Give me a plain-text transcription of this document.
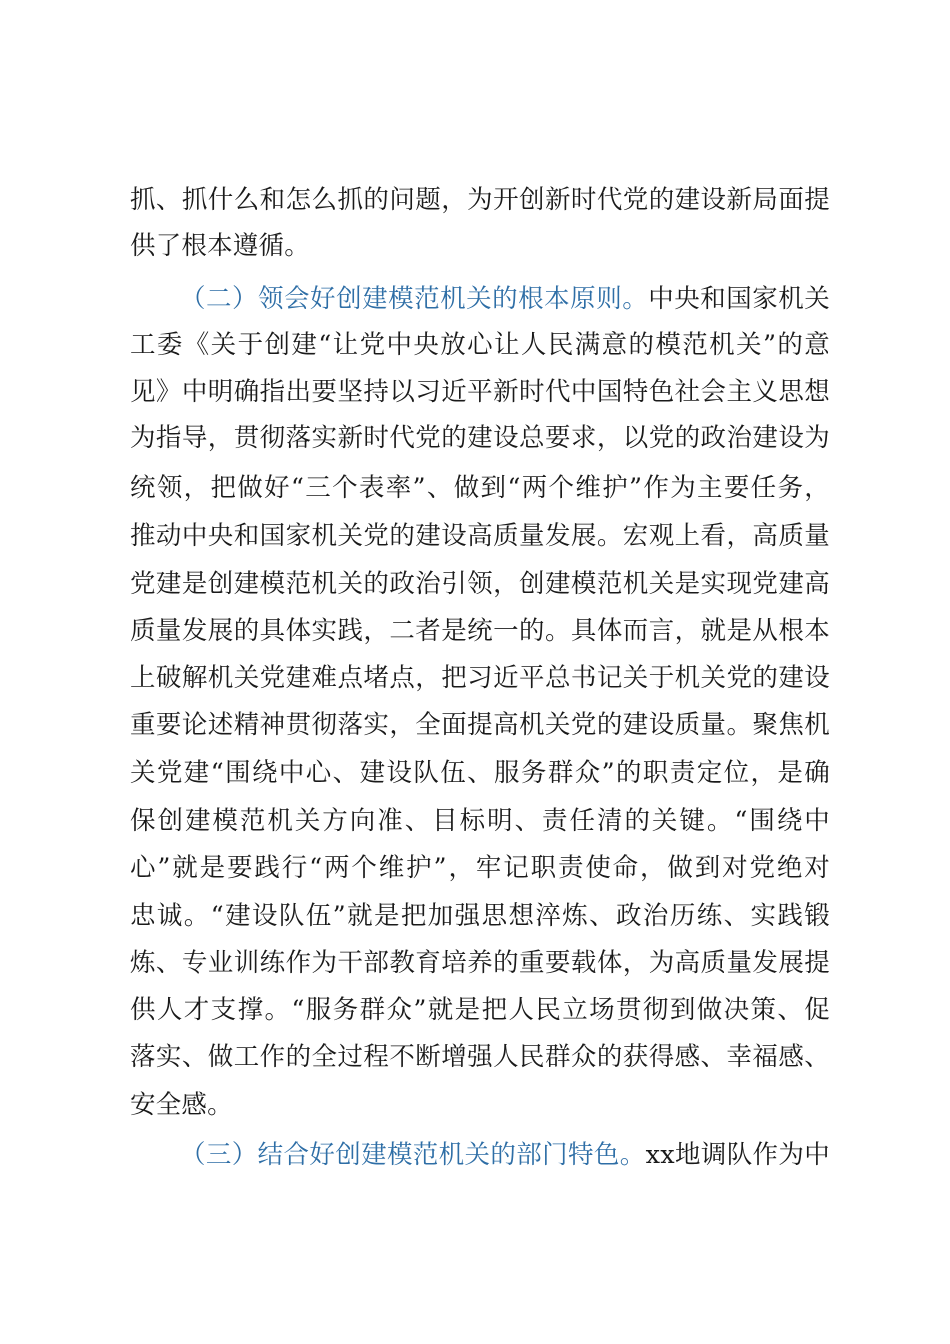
抓、抓什么和怎么抓的问题，为开创新时代党的建设新局面提
供了根本遵循。
（二）领会好创建模范机关的根本原则。中央和国家机关
工委《关于创建“让党中央放心让人民满意的模范机关”的意
见》中明确指出要坚持以习近平新时代中国特色社会主义思想
为指导，贯彻落实新时代党的建设总要求，以党的政治建设为
统领，把做好“三个表率”、做到“两个维护”作为主要任务，
推动中央和国家机关党的建设高质量发展。宏观上看，高质量
党建是创建模范机关的政治引领，创建模范机关是实现党建高
质量发展的具体实践，二者是统一的。具体而言，就是从根本
上破解机关党建难点堵点，把习近平总书记关于机关党的建设
重要论述精神贯彻落实，全面提高机关党的建设质量。聚焦机
关党建“围绕中心、建设队伍、服务群众”的职责定位，是确
保创建模范机关方向准、目标明、责任清的关键。“围绕中
心”就是要践行“两个维护”，牢记职责使命，做到对党绝对
忠诚。“建设队伍”就是把加强思想淬炼、政治历练、实践锻
炼、专业训练作为干部教育培养的重要载体，为高质量发展提
供人才支撑。“服务群众”就是把人民立场贯彻到做决策、促
落实、做工作的全过程不断增强人民群众的获得感、幸福感、
安全感。
（三）结合好创建模范机关的部门特色。xx地调队作为中
